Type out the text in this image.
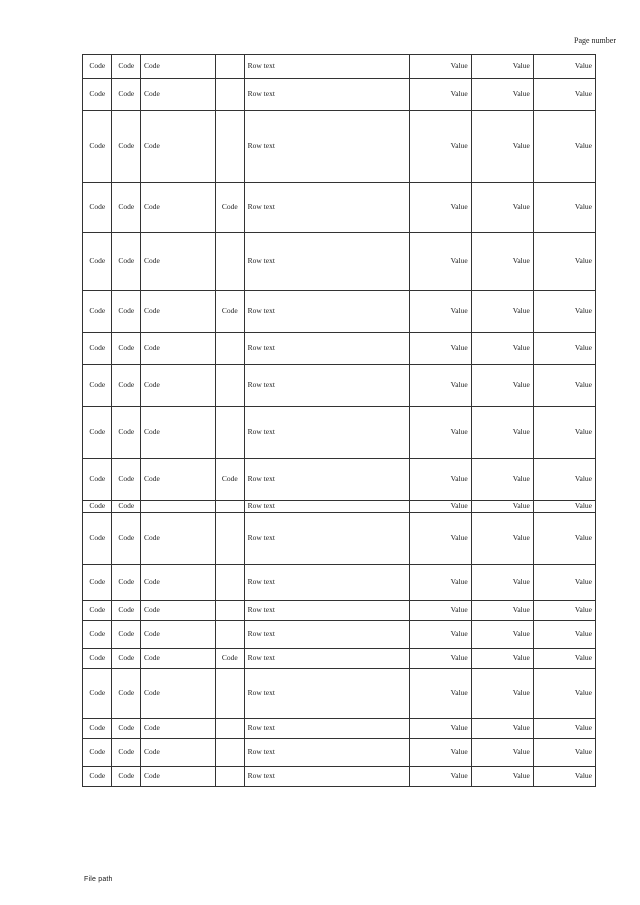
Page number
Code	Code	Code		Row text	Value	Value	Value
Code	Code	Code		Row text	Value	Value	Value
Code	Code	Code		Row text	Value	Value	Value
Code	Code	Code	Code	Row text	Value	Value	Value
Code	Code	Code		Row text	Value	Value	Value
Code	Code	Code	Code	Row text	Value	Value	Value
Code	Code	Code		Row text	Value	Value	Value
Code	Code	Code		Row text	Value	Value	Value
Code	Code	Code		Row text	Value	Value	Value
Code	Code	Code	Code	Row text	Value	Value	Value
Code	Code			Row text	Value	Value	Value
Code	Code	Code		Row text	Value	Value	Value
Code	Code	Code		Row text	Value	Value	Value
Code	Code	Code		Row text	Value	Value	Value
Code	Code	Code		Row text	Value	Value	Value
Code	Code	Code	Code	Row text	Value	Value	Value
Code	Code	Code		Row text	Value	Value	Value
Code	Code	Code		Row text	Value	Value	Value
Code	Code	Code		Row text	Value	Value	Value
Code	Code	Code		Row text	Value	Value	Value
File path
